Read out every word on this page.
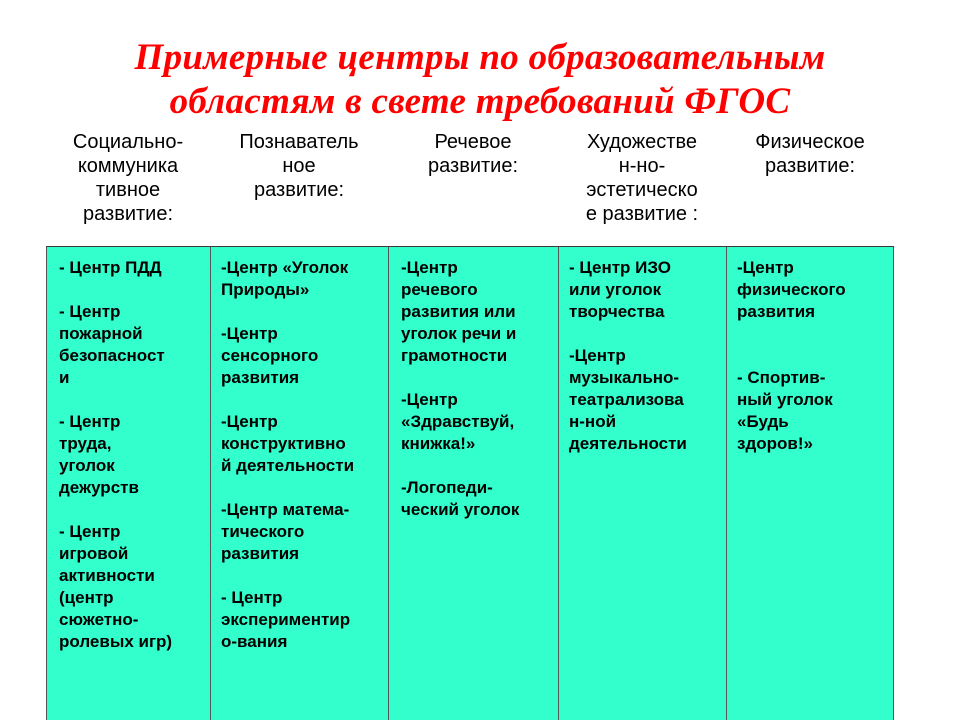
Примерные центры по образовательным
областям в свете требований ФГОС
Социально-
коммуника
тивное
развитие:
Познаватель
ное
развитие:
Речевое
развитие:
Художестве
н-но-
эстетическо
е развитие :
Физическое
развитие:
- Центр ПДД
- Центр
пожарной
безопасност
и
- Центр
труда,
уголок
дежурств
- Центр
игровой
активности
(центр
сюжетно-
ролевых игр)
-Центр «Уголок
Природы»
-Центр
сенсорного
развития
-Центр
конструктивно
й деятельности
-Центр матема-
тического
развития
- Центр
экспериментир
о-вания
-Центр
речевого
развития или
уголок речи и
грамотности
-Центр
«Здравствуй,
книжка!»
-Логопеди-
ческий уголок
- Центр ИЗО
или уголок
творчества
-Центр
музыкально-
театрализова
н-ной
деятельности
-Центр
физического
развития
- Спортив-
ный уголок
«Будь
здоров!»
